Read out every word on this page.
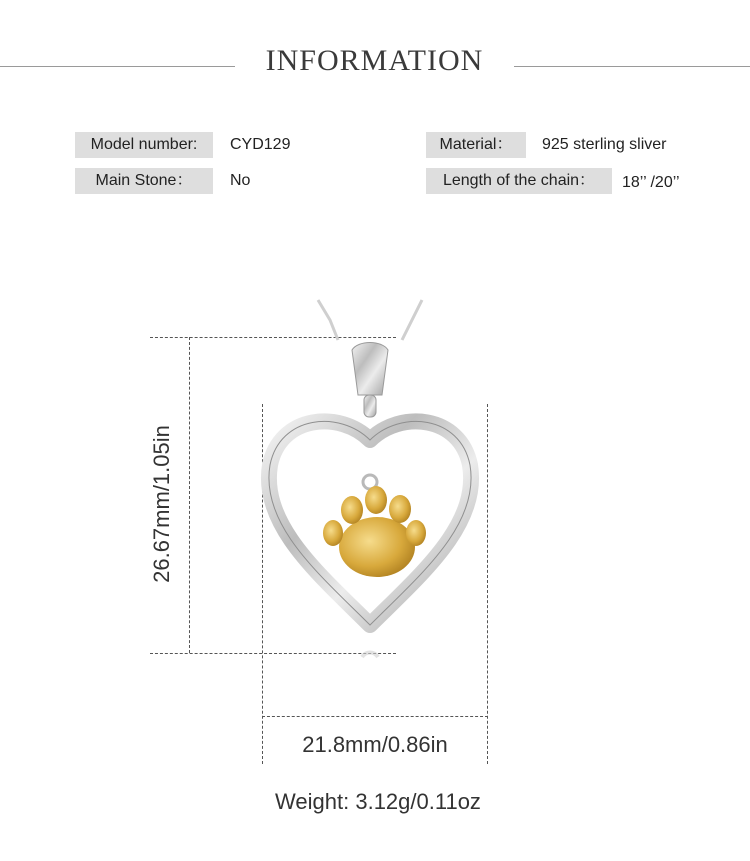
INFORMATION
Model number:	CYD129
Main Stone：	No
Material：	925 sterling sliver
Length of the chain：	18’’ /20’’
26.67mm/1.05in
21.8mm/0.86in
Weight: 3.12g/0.11oz
